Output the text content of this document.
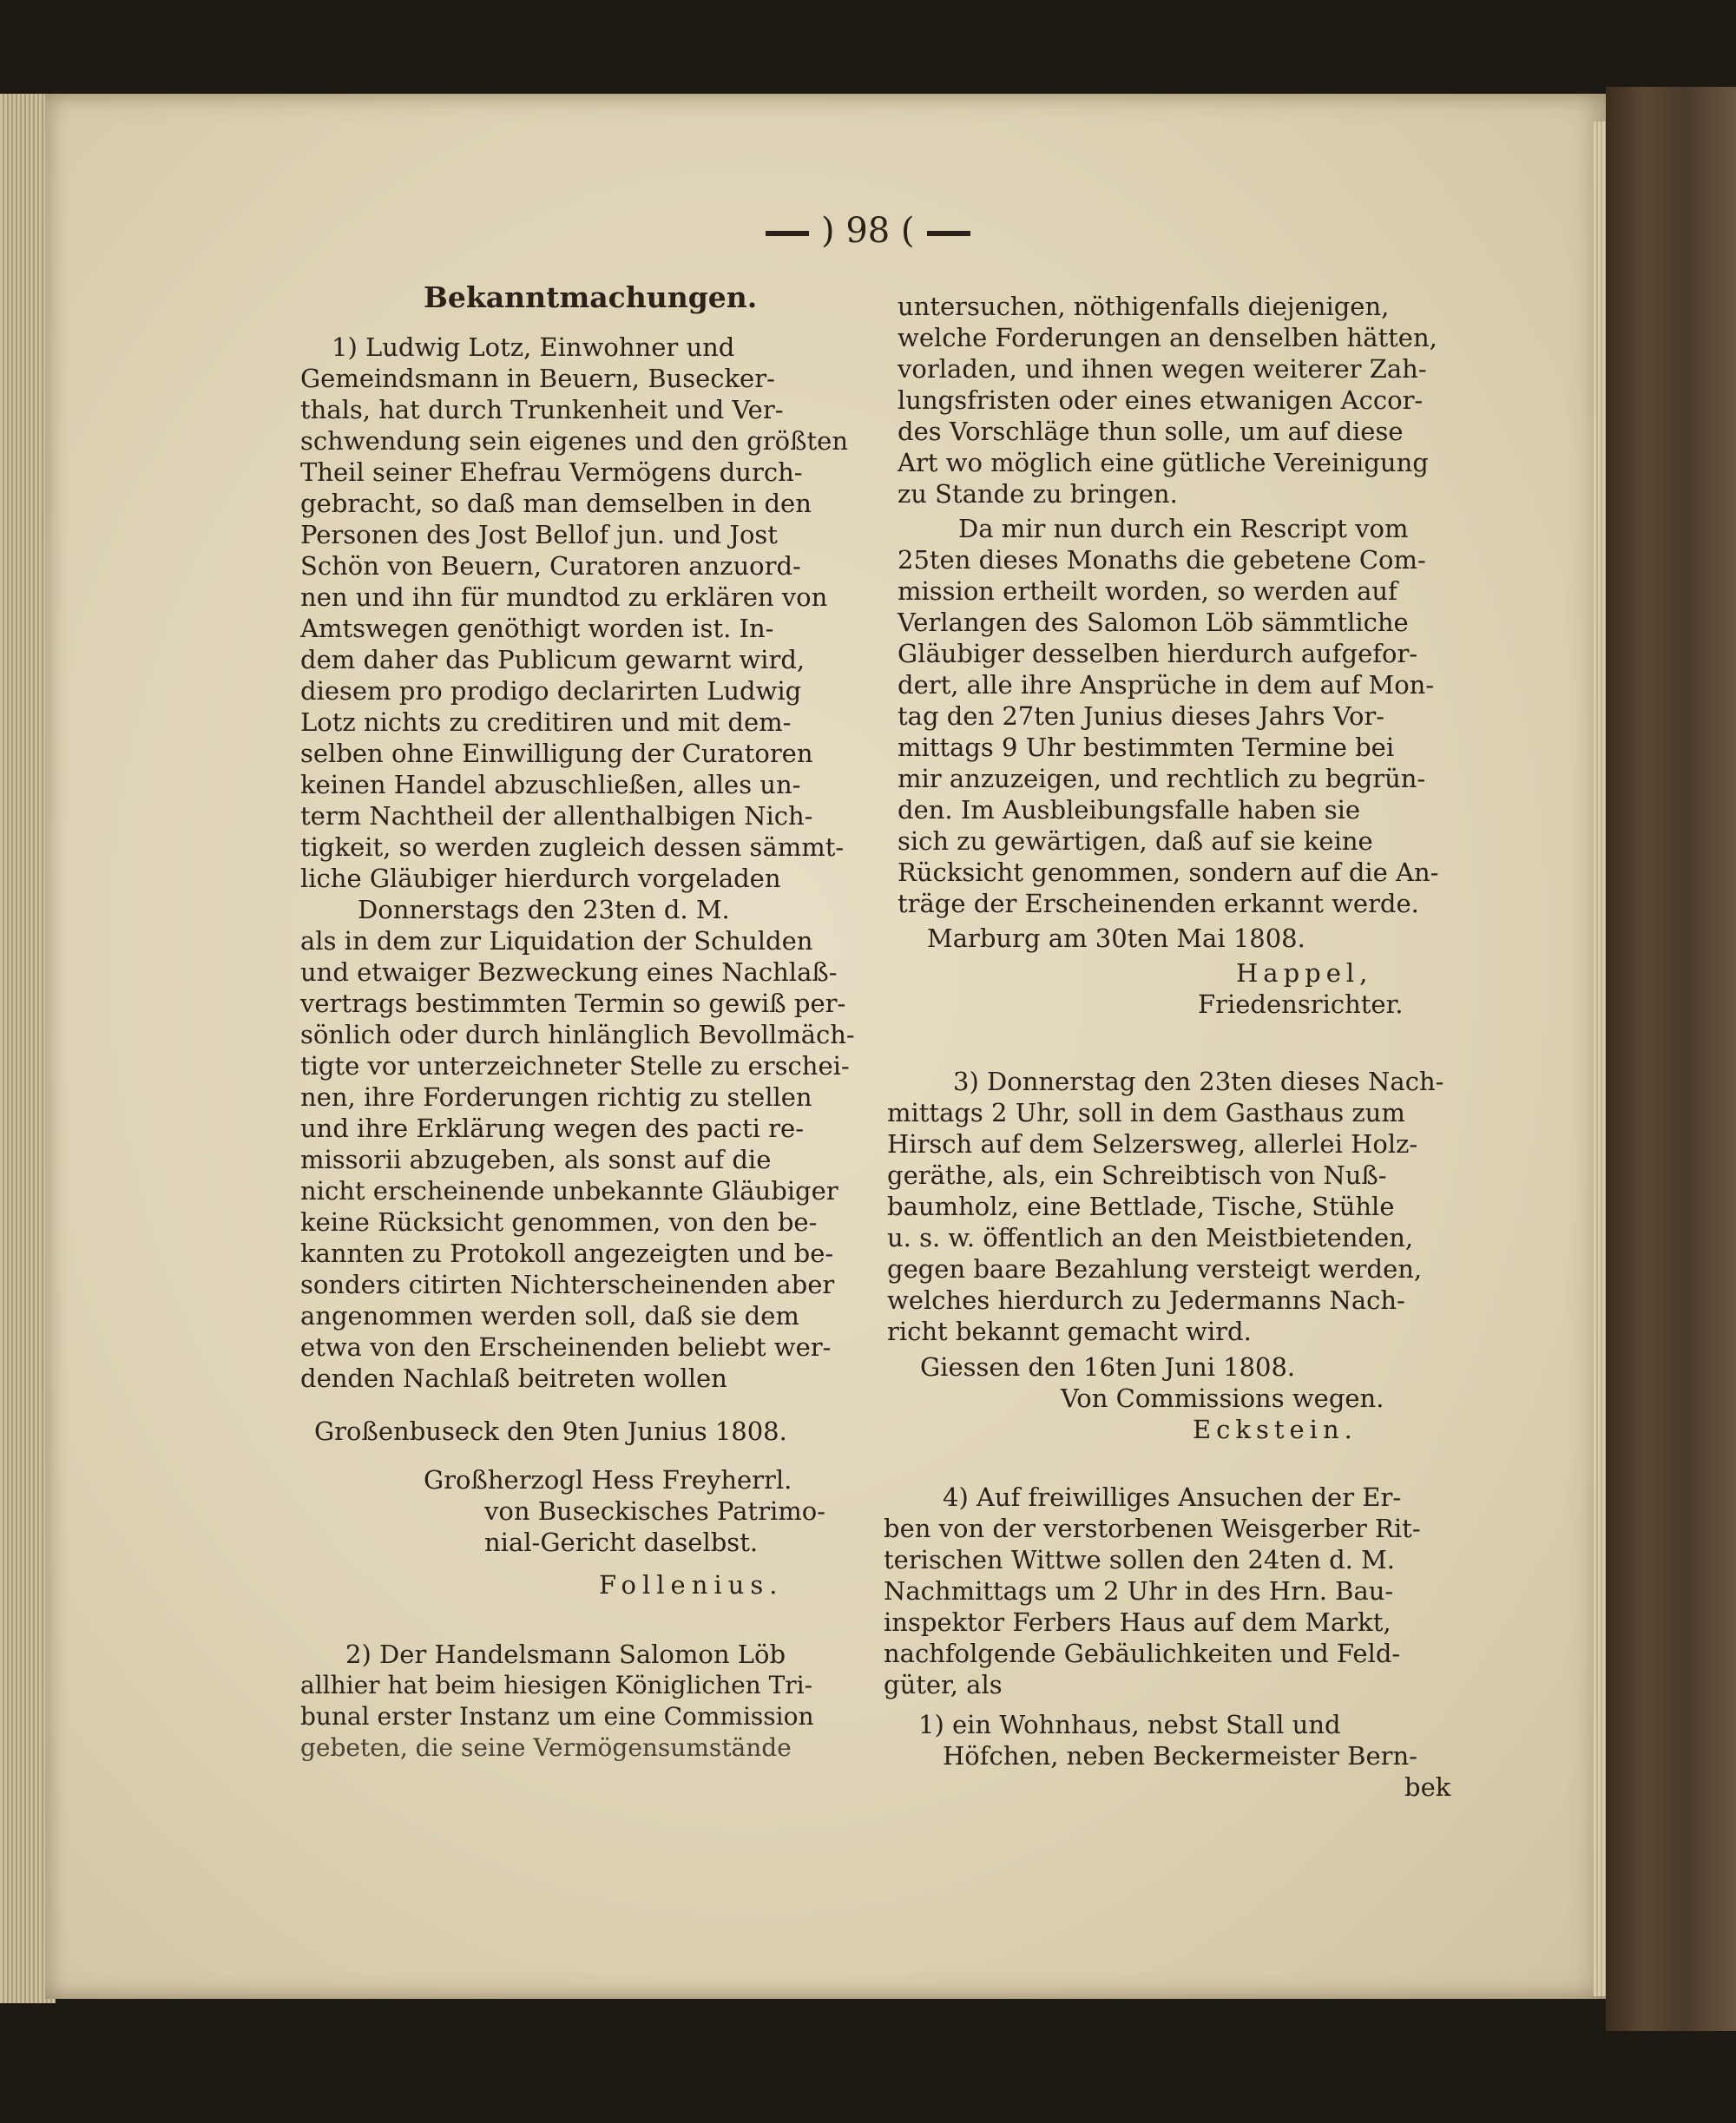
) 98 (
Bekanntmachungen.
1) Ludwig Lotz, Einwohner und
Gemeindsmann in Beuern, Busecker-
thals, hat durch Trunkenheit und Ver-
schwendung sein eigenes und den größten
Theil seiner Ehefrau Vermögens durch-
gebracht, so daß man demselben in den
Personen des Jost Bellof jun. und Jost
Schön von Beuern, Curatoren anzuord-
nen und ihn für mundtod zu erklären von
Amtswegen genöthigt worden ist. In-
dem daher das Publicum gewarnt wird,
diesem pro prodigo declarirten Ludwig
Lotz nichts zu creditiren und mit dem-
selben ohne Einwilligung der Curatoren
keinen Handel abzuschließen, alles un-
term Nachtheil der allenthalbigen Nich-
tigkeit, so werden zugleich dessen sämmt-
liche Gläubiger hierdurch vorgeladen
Donnerstags den 23ten d. M.
als in dem zur Liquidation der Schulden
und etwaiger Bezweckung eines Nachlaß-
vertrags bestimmten Termin so gewiß per-
sönlich oder durch hinlänglich Bevollmäch-
tigte vor unterzeichneter Stelle zu erschei-
nen, ihre Forderungen richtig zu stellen
und ihre Erklärung wegen des pacti re-
missorii abzugeben, als sonst auf die
nicht erscheinende unbekannte Gläubiger
keine Rücksicht genommen, von den be-
kannten zu Protokoll angezeigten und be-
sonders citirten Nichterscheinenden aber
angenommen werden soll, daß sie dem
etwa von den Erscheinenden beliebt wer-
denden Nachlaß beitreten wollen
Großenbuseck den 9ten Junius 1808.
Großherzogl Hess Freyherrl.
von Buseckisches Patrimo-
nial-Gericht daselbst.
Follenius.
2) Der Handelsmann Salomon Löb
allhier hat beim hiesigen Königlichen Tri-
bunal erster Instanz um eine Commission
gebeten, die seine Vermögensumstände
untersuchen, nöthigenfalls diejenigen,
welche Forderungen an denselben hätten,
vorladen, und ihnen wegen weiterer Zah-
lungsfristen oder eines etwanigen Accor-
des Vorschläge thun solle, um auf diese
Art wo möglich eine gütliche Vereinigung
zu Stande zu bringen.
Da mir nun durch ein Rescript vom
25ten dieses Monaths die gebetene Com-
mission ertheilt worden, so werden auf
Verlangen des Salomon Löb sämmtliche
Gläubiger desselben hierdurch aufgefor-
dert, alle ihre Ansprüche in dem auf Mon-
tag den 27ten Junius dieses Jahrs Vor-
mittags 9 Uhr bestimmten Termine bei
mir anzuzeigen, und rechtlich zu begrün-
den. Im Ausbleibungsfalle haben sie
sich zu gewärtigen, daß auf sie keine
Rücksicht genommen, sondern auf die An-
träge der Erscheinenden erkannt werde.
Marburg am 30ten Mai 1808.
Happel,
Friedensrichter.
3) Donnerstag den 23ten dieses Nach-
mittags 2 Uhr, soll in dem Gasthaus zum
Hirsch auf dem Selzersweg, allerlei Holz-
geräthe, als, ein Schreibtisch von Nuß-
baumholz, eine Bettlade, Tische, Stühle
u. s. w. öffentlich an den Meistbietenden,
gegen baare Bezahlung versteigt werden,
welches hierdurch zu Jedermanns Nach-
richt bekannt gemacht wird.
Giessen den 16ten Juni 1808.
Von Commissions wegen.
Eckstein.
4) Auf freiwilliges Ansuchen der Er-
ben von der verstorbenen Weisgerber Rit-
terischen Wittwe sollen den 24ten d. M.
Nachmittags um 2 Uhr in des Hrn. Bau-
inspektor Ferbers Haus auf dem Markt,
nachfolgende Gebäulichkeiten und Feld-
güter, als
1) ein Wohnhaus, nebst Stall und
Höfchen, neben Beckermeister Bern-
bek
